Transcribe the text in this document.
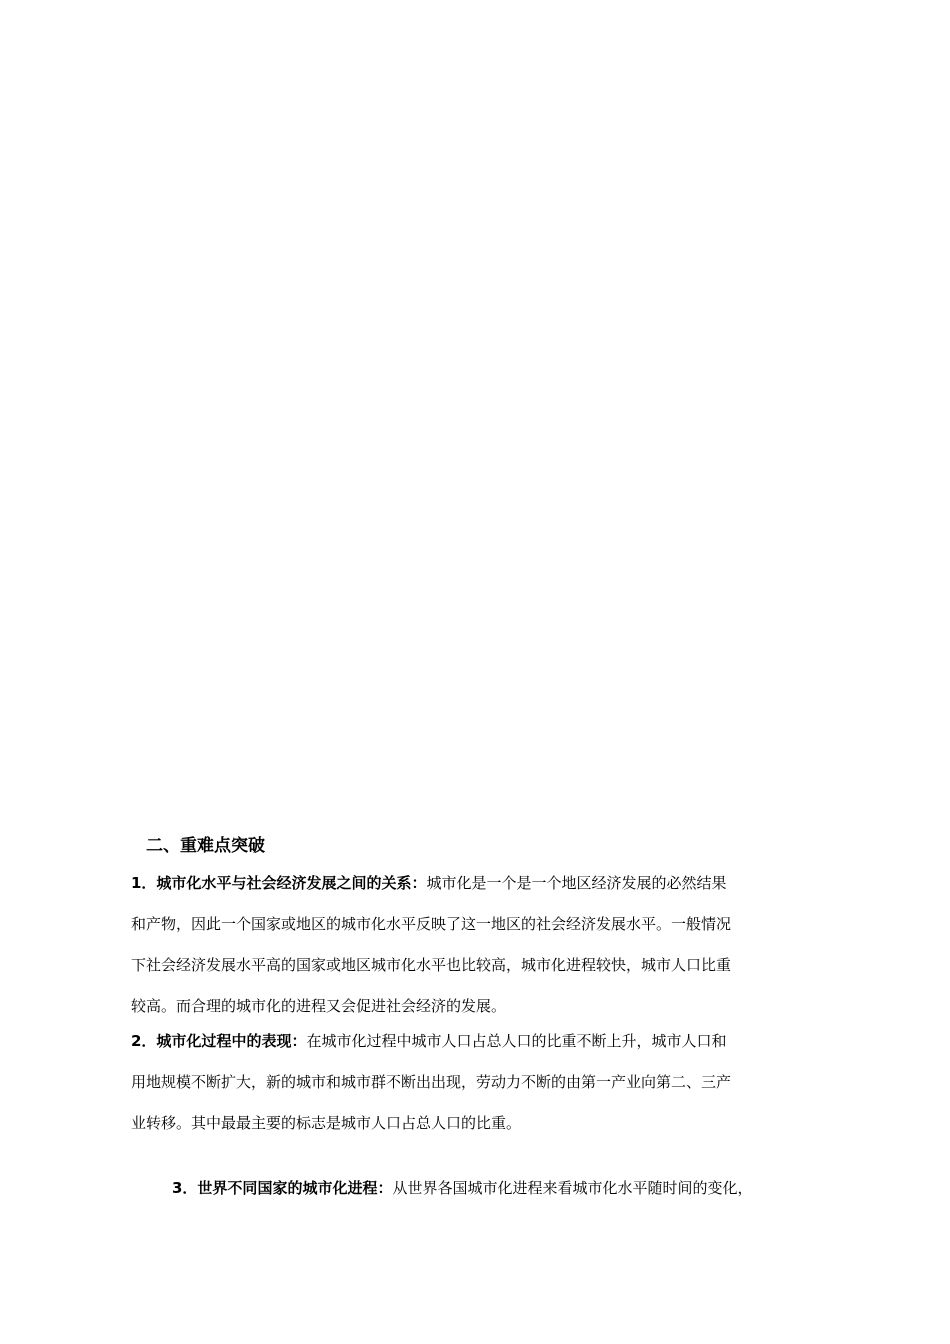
二、重难点突破
1．城市化水平与社会经济发展之间的关系：城市化是一个是一个地区经济发展的必然结果
和产物，因此一个国家或地区的城市化水平反映了这一地区的社会经济发展水平。一般情况
下社会经济发展水平高的国家或地区城市化水平也比较高，城市化进程较快，城市人口比重
较高。而合理的城市化的进程又会促进社会经济的发展。
2．城市化过程中的表现：在城市化过程中城市人口占总人口的比重不断上升，城市人口和
用地规模不断扩大，新的城市和城市群不断出出现，劳动力不断的由第一产业向第二、三产
业转移。其中最最主要的标志是城市人口占总人口的比重。
3．世界不同国家的城市化进程：从世界各国城市化进程来看城市化水平随时间的变化，
